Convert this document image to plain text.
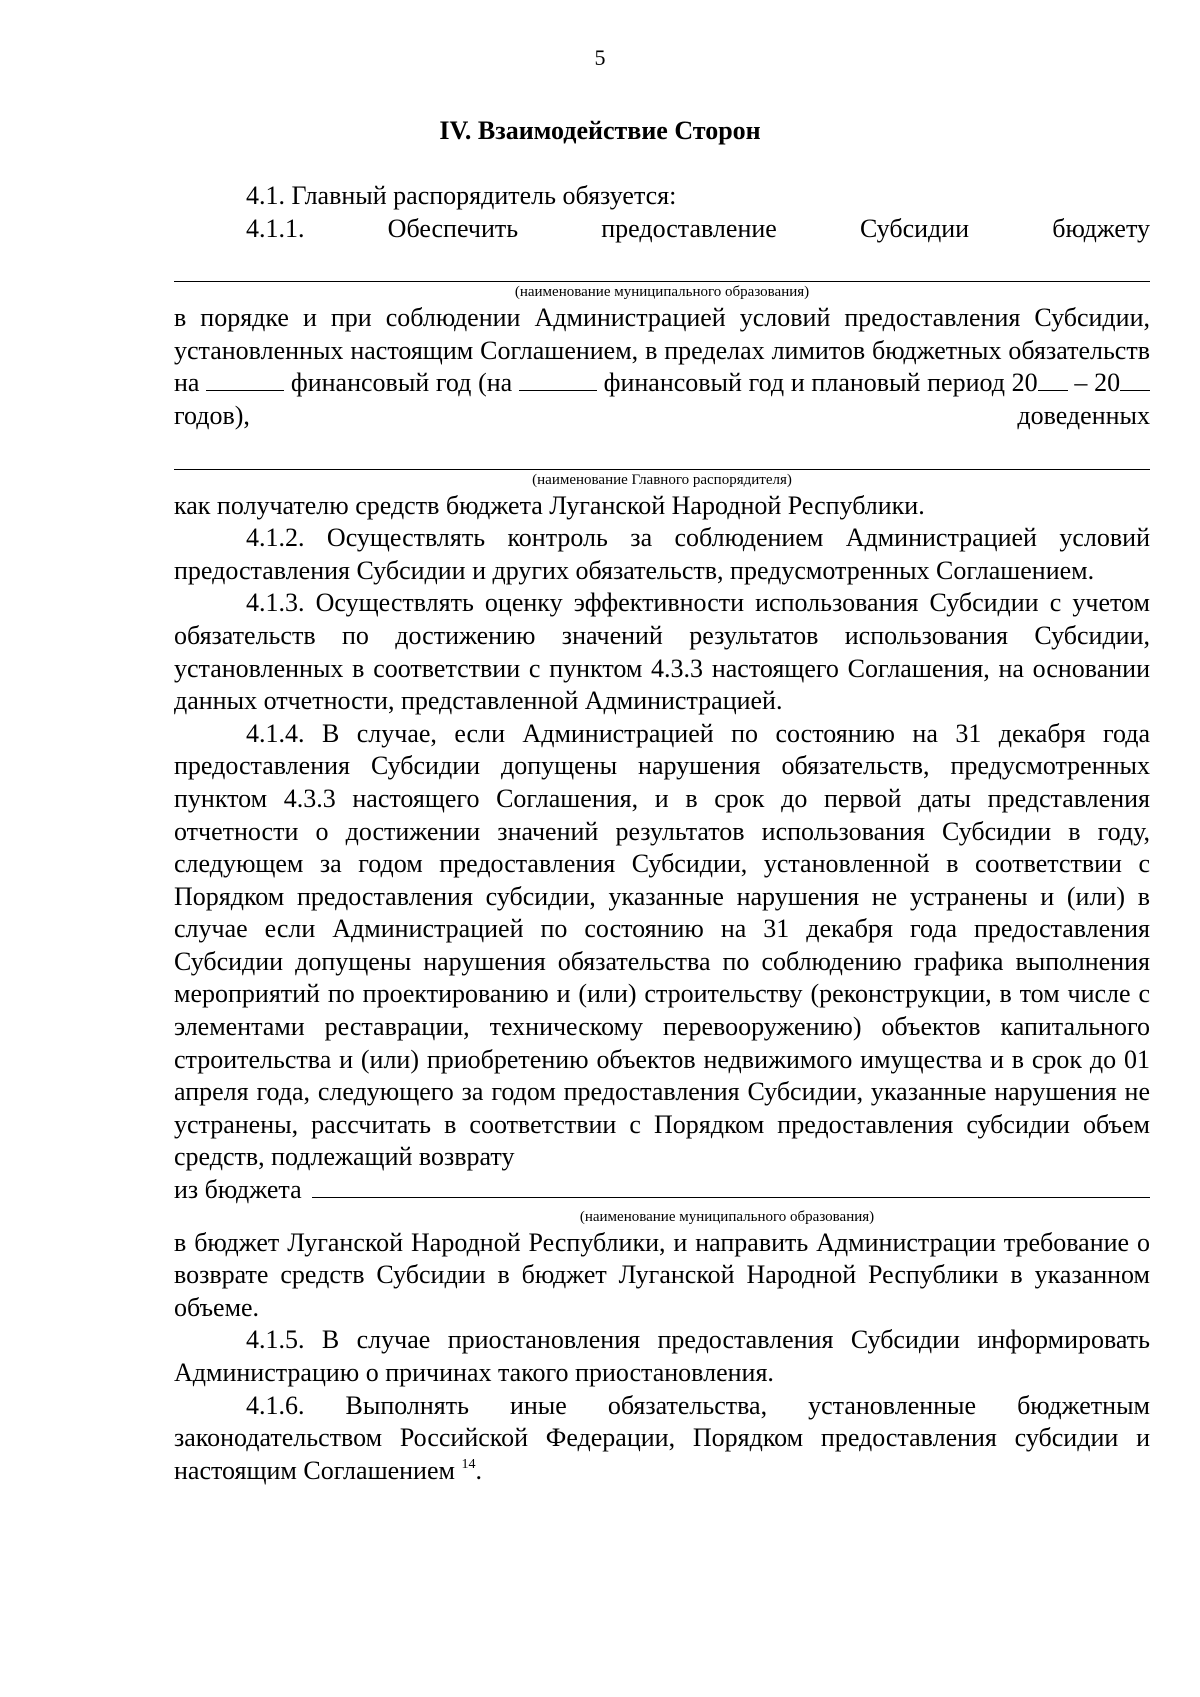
5
IV. Взаимодействие Сторон

4.1. Главный распорядитель обязуется:

4.1.1. Обеспечить предоставление Субсидии бюджету

(наименование муниципального образования)

в порядке и при соблюдении Администрацией условий предоставления Субсидии, установленных настоящим Соглашением, в пределах лимитов бюджетных обязательств на	финансовый год (на	финансовый год и плановый период 20 – 20 годов), доведенных

(наименование Главного распорядителя)

как получателю средств бюджета Луганской Народной Республики.

4.1.2. Осуществлять контроль за соблюдением Администрацией условий предоставления Субсидии и других обязательств, предусмотренных Соглашением.

4.1.3. Осуществлять оценку эффективности использования Субсидии с учетом обязательств по достижению значений результатов использования Субсидии, установленных в соответствии с пунктом 4.3.3 настоящего Соглашения, на основании данных отчетности, представленной Администрацией.

4.1.4. В случае, если Администрацией по состоянию на 31 декабря года предоставления Субсидии допущены нарушения обязательств, предусмотренных пунктом 4.3.3 настоящего Соглашения, и в срок до первой даты представления отчетности о достижении значений результатов использования Субсидии в году, следующем за годом предоставления Субсидии, установленной в соответствии с Порядком предоставления субсидии, указанные нарушения не устранены и (или) в случае если Администрацией по состоянию на 31 декабря года предоставления Субсидии допущены нарушения обязательства по соблюдению графика выполнения мероприятий по проектированию и (или) строительству (реконструкции, в том числе с элементами реставрации, техническому перевооружению) объектов капитального строительства и (или) приобретению объектов недвижимого имущества и в срок до 01 апреля года, следующего за годом предоставления Субсидии, указанные нарушения не устранены, рассчитать в соответствии с Порядком предоставления субсидии объем средств, подлежащий возврату

из бюджета

(наименование муниципального образования)

в бюджет Луганской Народной Республики, и направить Администрации требование о возврате средств Субсидии в бюджет Луганской Народной Республики в указанном объеме.

4.1.5. В случае приостановления предоставления Субсидии информировать Администрацию о причинах такого приостановления.

4.1.6. Выполнять иные обязательства, установленные бюджетным законодательством Российской Федерации, Порядком предоставления субсидии и настоящим Соглашением $^{14}$.
